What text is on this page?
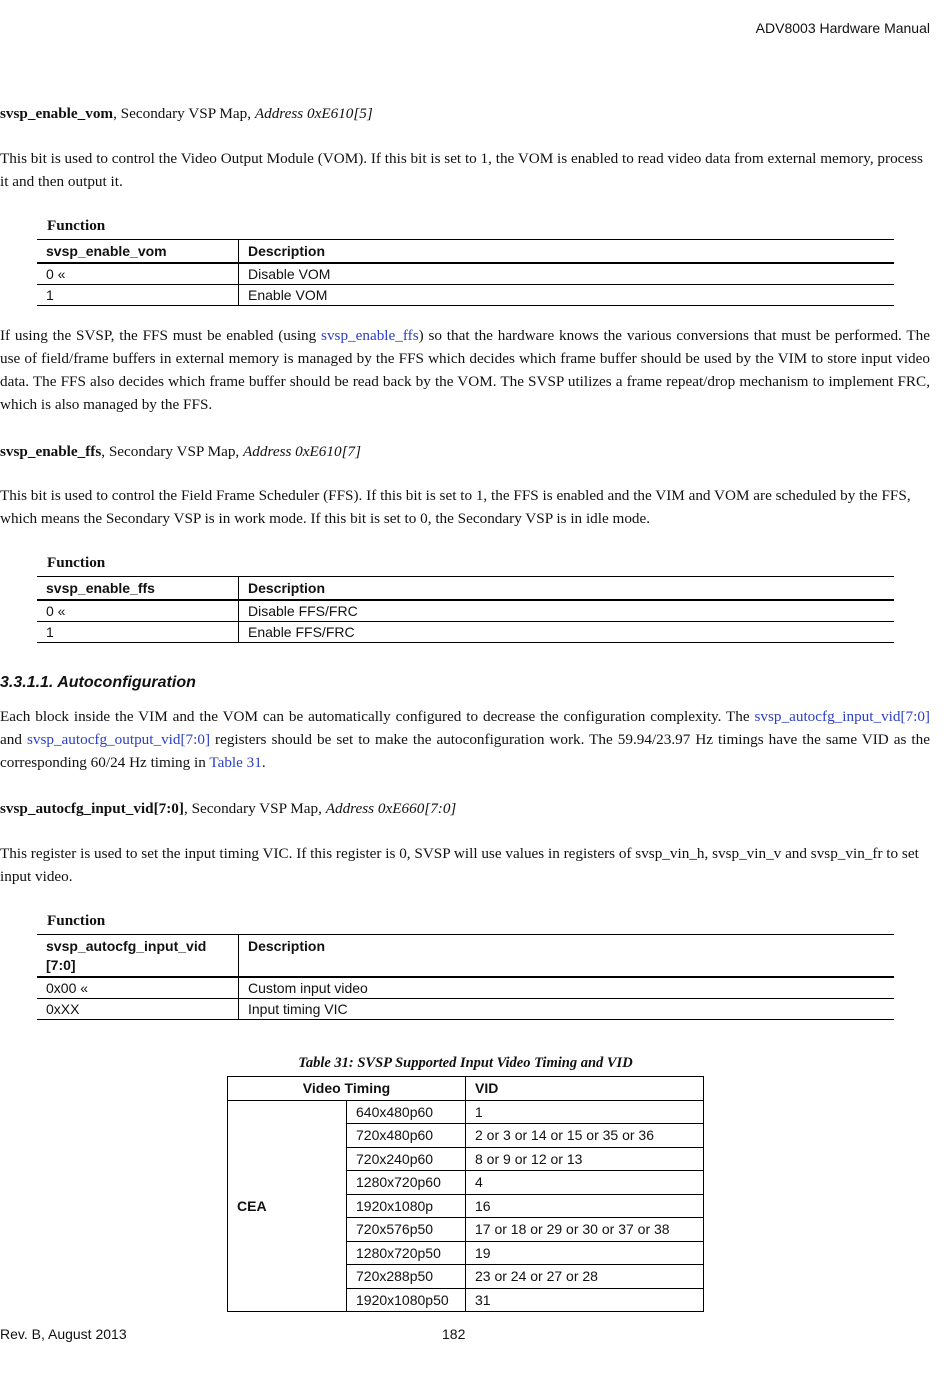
ADV8003 Hardware Manual
svsp_enable_vom, Secondary VSP Map, Address 0xE610[5]
This bit is used to control the Video Output Module (VOM). If this bit is set to 1, the VOM is enabled to read video data from external memory, process it and then output it.
Function
svsp_enable_vom	Description
0 «	Disable VOM
1	Enable VOM
If using the SVSP, the FFS must be enabled (using svsp_enable_ffs) so that the hardware knows the various conversions that must be performed. The use of field/frame buffers in external memory is managed by the FFS which decides which frame buffer should be used by the VIM to store input video data. The FFS also decides which frame buffer should be read back by the VOM. The SVSP utilizes a frame repeat/drop mechanism to implement FRC, which is also managed by the FFS.
svsp_enable_ffs, Secondary VSP Map, Address 0xE610[7]
This bit is used to control the Field Frame Scheduler (FFS). If this bit is set to 1, the FFS is enabled and the VIM and VOM are scheduled by the FFS, which means the Secondary VSP is in work mode. If this bit is set to 0, the Secondary VSP is in idle mode.
Function
svsp_enable_ffs	Description
0 «	Disable FFS/FRC
1	Enable FFS/FRC
3.3.1.1. Autoconfiguration
Each block inside the VIM and the VOM can be automatically configured to decrease the configuration complexity. The svsp_autocfg_input_vid[7:0] and svsp_autocfg_output_vid[7:0] registers should be set to make the autoconfiguration work. The 59.94/23.97 Hz timings have the same VID as the corresponding 60/24 Hz timing in Table 31.
svsp_autocfg_input_vid[7:0], Secondary VSP Map, Address 0xE660[7:0]
This register is used to set the input timing VIC. If this register is 0, SVSP will use values in registers of svsp_vin_h, svsp_vin_v and svsp_vin_fr to set input video.
Function
svsp_autocfg_input_vid
[7:0]	Description
0x00 «	Custom input video
0xXX	Input timing VIC
Table 31: SVSP Supported Input Video Timing and VID
Video Timing		VID
CEA	640x480p60	1
	720x480p60	2 or 3 or 14 or 15 or 35 or 36
	720x240p60	8 or 9 or 12 or 13
	1280x720p60	4
	1920x1080p	16
	720x576p50	17 or 18 or 29 or 30 or 37 or 38
	1280x720p50	19
	720x288p50	23 or 24 or 27 or 28
	1920x1080p50	31
Rev. B, August 2013	182
